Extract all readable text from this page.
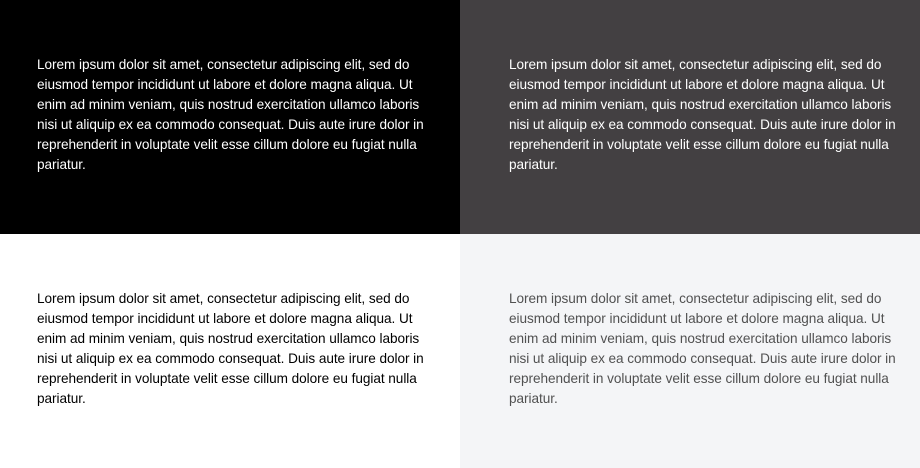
Lorem ipsum dolor sit amet, consectetur adipiscing elit, sed do eiusmod tempor incididunt ut labore et dolore magna aliqua. Ut enim ad minim veniam, quis nostrud exercitation ullamco laboris nisi ut aliquip ex ea commodo consequat. Duis aute irure dolor in reprehenderit in voluptate velit esse cillum dolore eu fugiat nulla pariatur.

Lorem ipsum dolor sit amet, consectetur adipiscing elit, sed do eiusmod tempor incididunt ut labore et dolore magna aliqua. Ut enim ad minim veniam, quis nostrud exercitation ullamco laboris nisi ut aliquip ex ea commodo consequat. Duis aute irure dolor in reprehenderit in voluptate velit esse cillum dolore eu fugiat nulla pariatur.

Lorem ipsum dolor sit amet, consectetur adipiscing elit, sed do eiusmod tempor incididunt ut labore et dolore magna aliqua. Ut enim ad minim veniam, quis nostrud exercitation ullamco laboris nisi ut aliquip ex ea commodo consequat. Duis aute irure dolor in reprehenderit in voluptate velit esse cillum dolore eu fugiat nulla pariatur.

Lorem ipsum dolor sit amet, consectetur adipiscing elit, sed do eiusmod tempor incididunt ut labore et dolore magna aliqua. Ut enim ad minim veniam, quis nostrud exercitation ullamco laboris nisi ut aliquip ex ea commodo consequat. Duis aute irure dolor in reprehenderit in voluptate velit esse cillum dolore eu fugiat nulla pariatur.
